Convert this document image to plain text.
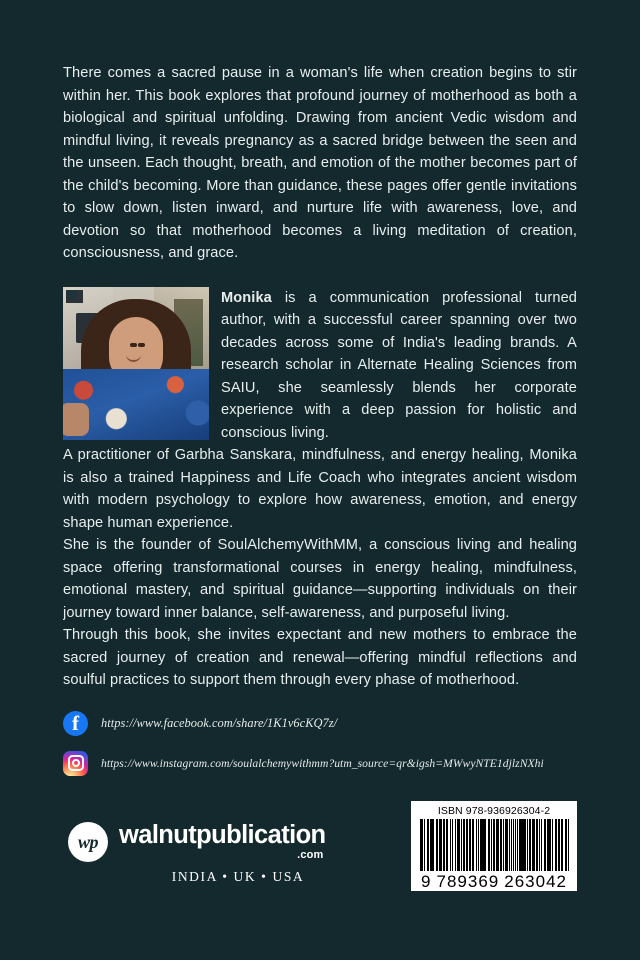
There comes a sacred pause in a woman's life when creation begins to stir within her. This book explores that profound journey of motherhood as both a biological and spiritual unfolding. Drawing from ancient Vedic wisdom and mindful living, it reveals pregnancy as a sacred bridge between the seen and the unseen. Each thought, breath, and emotion of the mother becomes part of the child's becoming. More than guidance, these pages offer gentle invitations to slow down, listen inward, and nurture life with awareness, love, and devotion so that motherhood becomes a living meditation of creation, consciousness, and grace.

Monika is a communication professional turned author, with a successful career spanning over two decades across some of India's leading brands. A research scholar in Alternate Healing Sciences from SAIU, she seamlessly blends her corporate experience with a deep passion for holistic and conscious living.

A practitioner of Garbha Sanskara, mindfulness, and energy healing, Monika is also a trained Happiness and Life Coach who integrates ancient wisdom with modern psychology to explore how awareness, emotion, and energy shape human experience.

She is the founder of SoulAlchemyWithMM, a conscious living and healing space offering transformational courses in energy healing, mindfulness, emotional mastery, and spiritual guidance—supporting individuals on their journey toward inner balance, self-awareness, and purposeful living.

Through this book, she invites expectant and new mothers to embrace the sacred journey of creation and renewal—offering mindful reflections and soulful practices to support them through every phase of motherhood.

f	https://www.facebook.com/share/1K1v6cKQ7z/
https://www.instagram.com/soulalchemywithmm?utm_source=qr&igsh=MWwyNTE1djlzNXhi
wp walnutpublication
.com
INDIA • UK • USA
ISBN 978-936926304-2
9 789369 263042
